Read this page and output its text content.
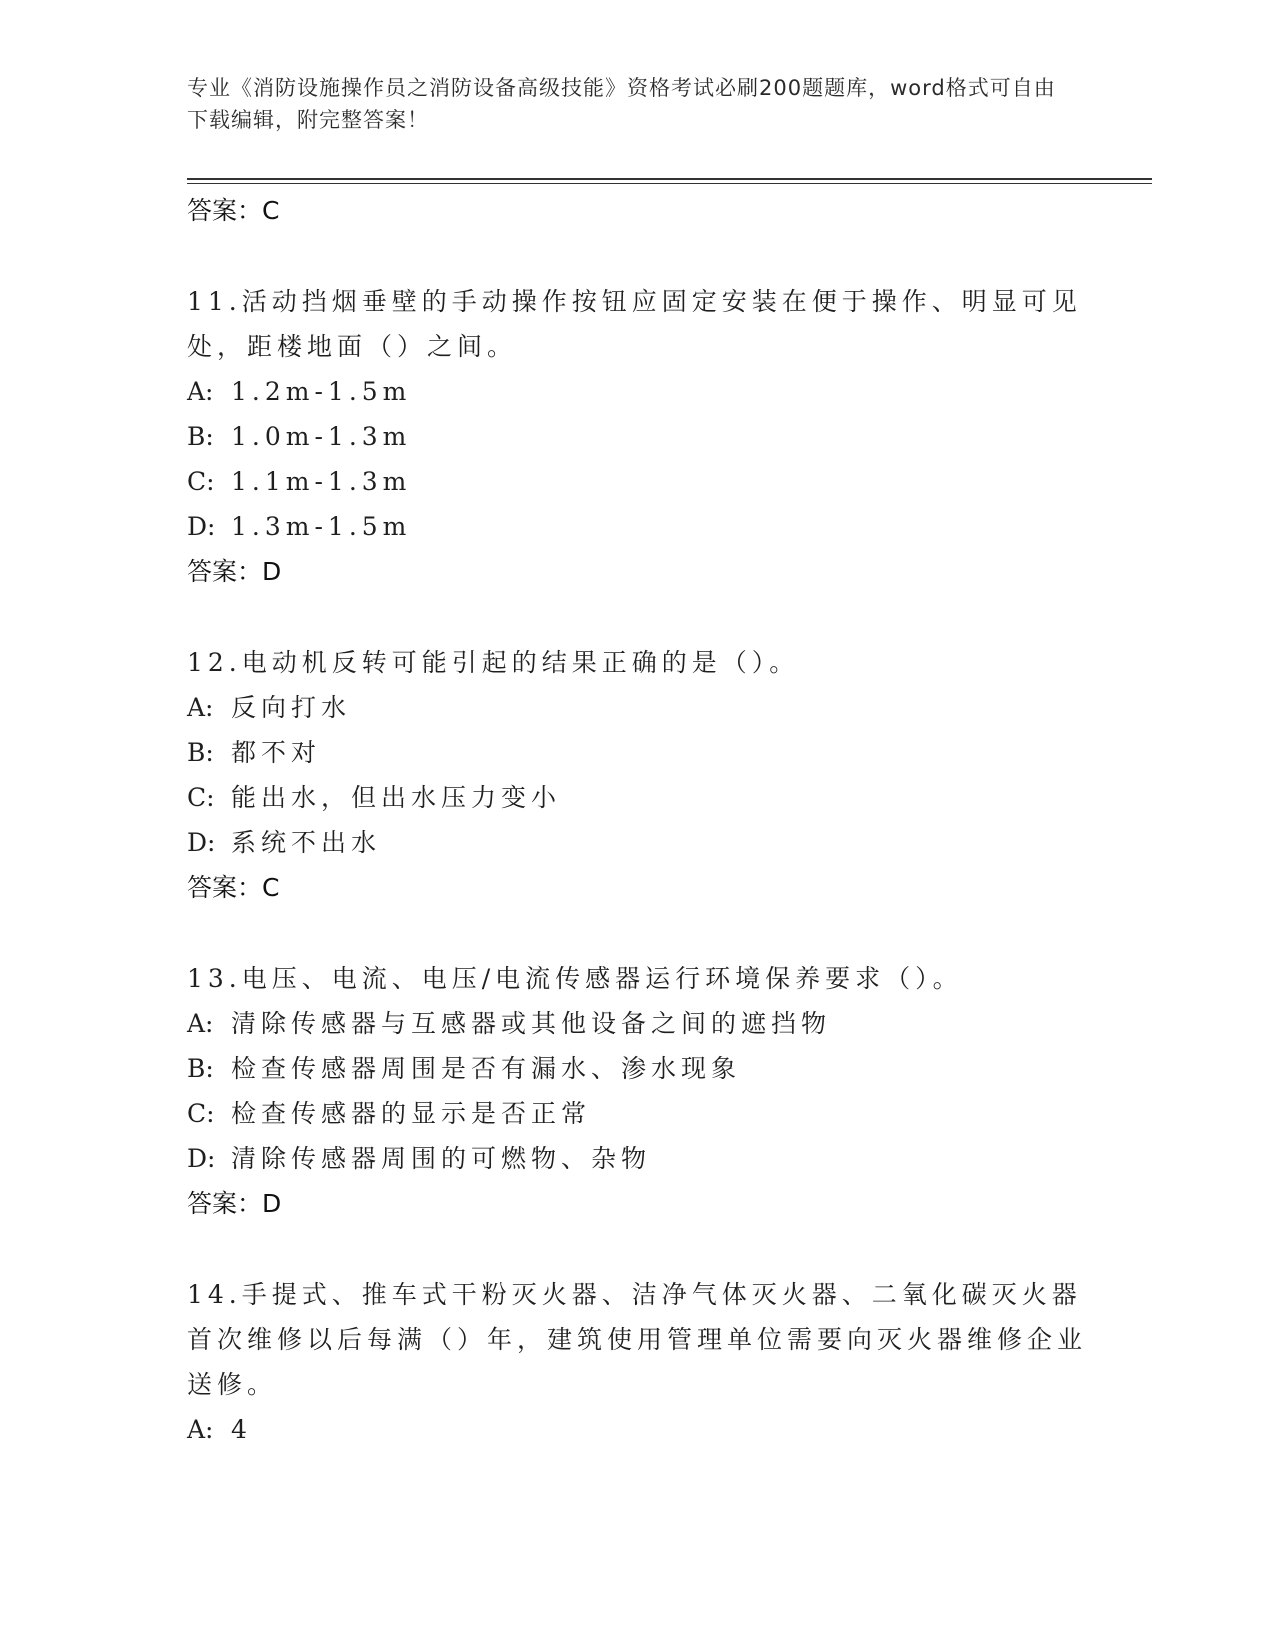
专业《消防设施操作员之消防设备高级技能》资格考试必刷200题题库，word格式可自由下载编辑，附完整答案！
答案：C

11.活动挡烟垂壁的手动操作按钮应固定安装在便于操作、明显可见处，距楼地面（）之间。

A: 1.2m-1.5m

B: 1.0m-1.3m

C: 1.1m-1.3m

D: 1.3m-1.5m

答案：D

12.电动机反转可能引起的结果正确的是（）。

A: 反向打水

B: 都不对

C: 能出水，但出水压力变小

D: 系统不出水

答案：C

13.电压、电流、电压/电流传感器运行环境保养要求（）。

A: 清除传感器与互感器或其他设备之间的遮挡物

B: 检查传感器周围是否有漏水、渗水现象

C: 检查传感器的显示是否正常

D: 清除传感器周围的可燃物、杂物

答案：D

14.手提式、推车式干粉灭火器、洁净气体灭火器、二氧化碳灭火器首次维修以后每满（）年，建筑使用管理单位需要向灭火器维修企业送修。

A: 4
